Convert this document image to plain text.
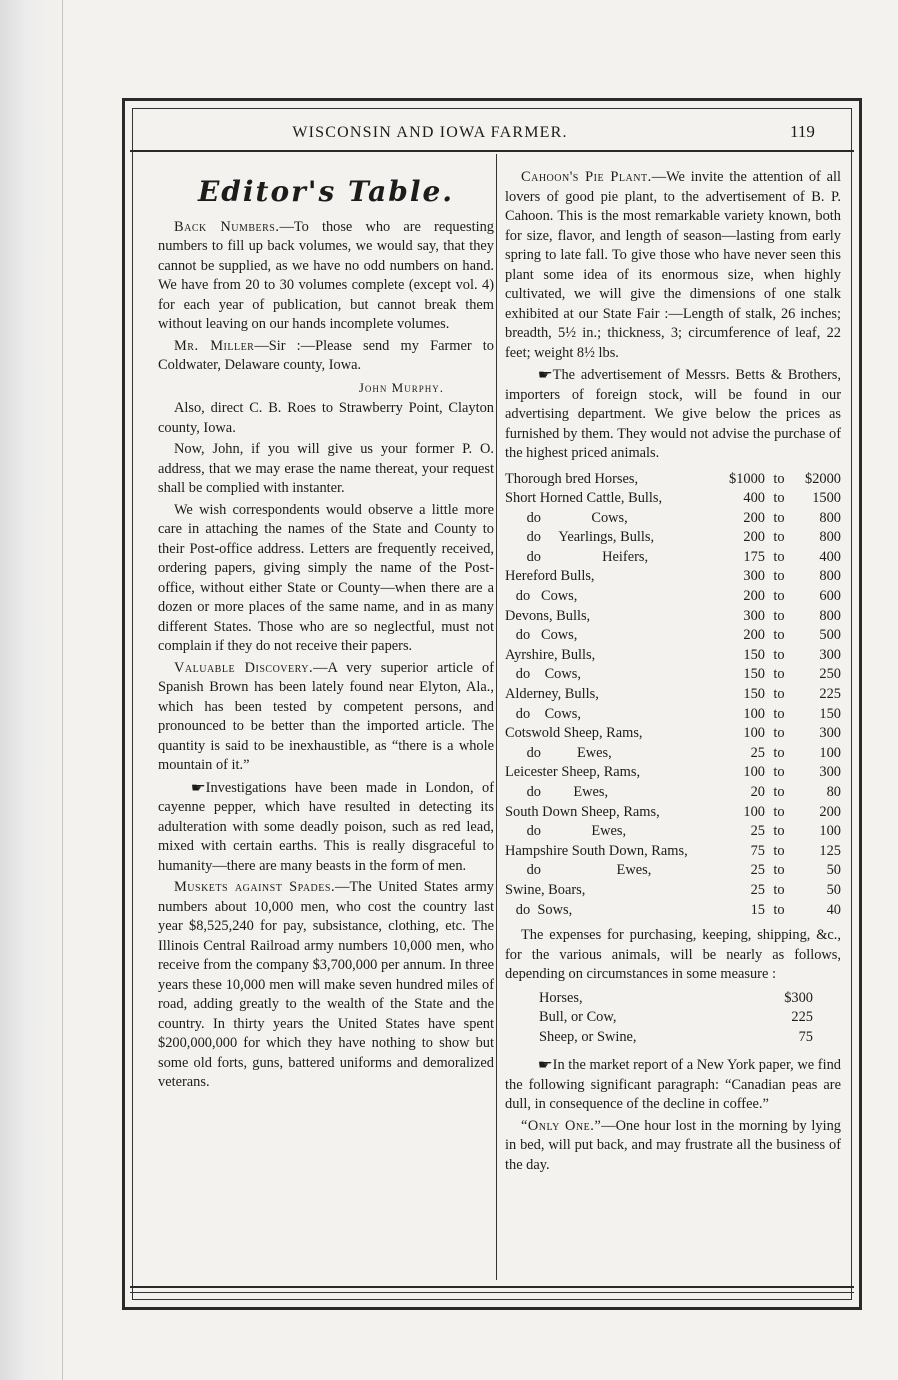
WISCONSIN AND IOWA FARMER.	119
Editor's Table.

Back Numbers.—To those who are requesting numbers to fill up back volumes, we would say, that they cannot be supplied, as we have no odd numbers on hand. We have from 20 to 30 volumes complete (except vol. 4) for each year of publication, but cannot break them without leaving on our hands incomplete volumes.

Mr. Miller—Sir :—Please send my Farmer to Coldwater, Delaware county, Iowa.

John Murphy.

Also, direct C. B. Roes to Strawberry Point, Clayton county, Iowa.

Now, John, if you will give us your former P. O. address, that we may erase the name thereat, your request shall be complied with instanter.

We wish correspondents would observe a little more care in attaching the names of the State and County to their Post-office address. Letters are frequently received, ordering papers, giving simply the name of the Post-office, without either State or County—when there are a dozen or more places of the same name, and in as many different States. Those who are so neglectful, must not complain if they do not receive their papers.

Valuable Discovery.—A very superior article of Spanish Brown has been lately found near Elyton, Ala., which has been tested by competent persons, and pronounced to be better than the imported article. The quantity is said to be inexhaustible, as “there is a whole mountain of it.”

☛Investigations have been made in London, of cayenne pepper, which have resulted in detecting its adulteration with some deadly poison, such as red lead, mixed with certain earths. This is really disgraceful to humanity—there are many beasts in the form of men.

Muskets against Spades.—The United States army numbers about 10,000 men, who cost the country last year $8,525,240 for pay, subsistance, clothing, etc. The Illinois Central Railroad army numbers 10,000 men, who receive from the company $3,700,000 per annum. In three years these 10,000 men will make seven hundred miles of road, adding greatly to the wealth of the State and the country. In thirty years the United States have spent $200,000,000 for which they have nothing to show but some old forts, guns, battered uniforms and demoralized veterans.

Cahoon's Pie Plant.—We invite the attention of all lovers of good pie plant, to the advertisement of B. P. Cahoon. This is the most remarkable variety known, both for size, flavor, and length of season—lasting from early spring to late fall. To give those who have never seen this plant some idea of its enormous size, when highly cultivated, we will give the dimensions of one stalk exhibited at our State Fair :—Length of stalk, 26 inches; breadth, 5½ in.; thickness, 3; circumference of leaf, 22 feet; weight 8½ lbs.

☛The advertisement of Messrs. Betts & Brothers, importers of foreign stock, will be found in our advertising department. We give below the prices as furnished by them. They would not advise the purchase of the highest priced animals.

Thorough bred Horses,	$1000 to	$2000
Short Horned Cattle, Bulls,	400 to	1500
do              Cows,	200 to	800
do     Yearlings, Bulls,	200 to	800
do                 Heifers,	175 to	400
Hereford Bulls,	300 to	800
do   Cows,	200 to	600
Devons, Bulls,	300 to	800
do   Cows,	200 to	500
Ayrshire, Bulls,	150 to	300
do    Cows,	150 to	250
Alderney, Bulls,	150 to	225
do    Cows,	100 to	150
Cotswold Sheep, Rams,	100 to	300
do          Ewes,	25 to	100
Leicester Sheep, Rams,	100 to	300
do         Ewes,	20 to	80
South Down Sheep, Rams,	100 to	200
do              Ewes,	25 to	100
Hampshire South Down, Rams,	75 to	125
do                     Ewes,	25 to	50
Swine, Boars,	25 to	50
do  Sows,	15 to	40

The expenses for purchasing, keeping, shipping, &c., for the various animals, will be nearly as follows, depending on circumstances in some measure :

Horses,	$300
Bull, or Cow,	225
Sheep, or Swine,	75

☛In the market report of a New York paper, we find the following significant paragraph: “Canadian peas are dull, in consequence of the decline in coffee.”

“Only One.”—One hour lost in the morning by lying in bed, will put back, and may frustrate all the business of the day.
